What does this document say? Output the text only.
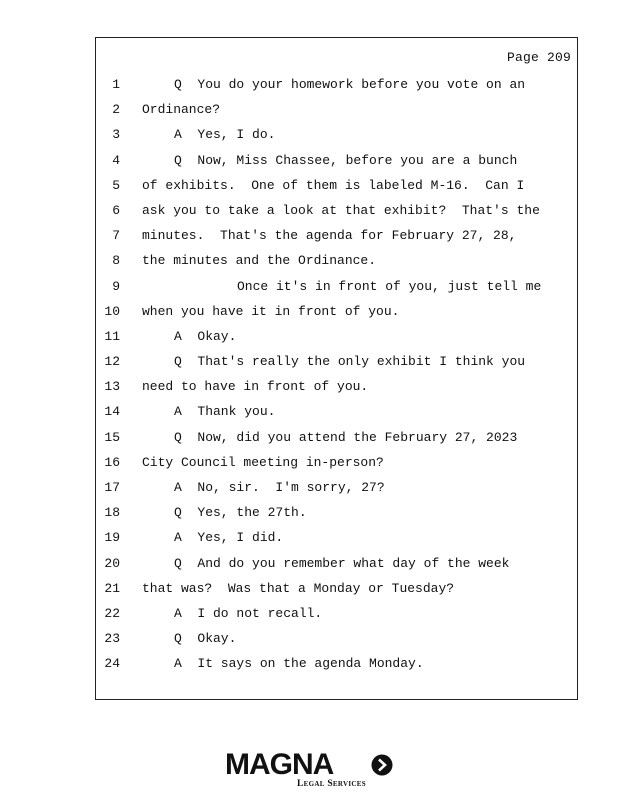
Page 209
1	Q  You do your homework before you vote on an
2 Ordinance?
3	A  Yes, I do.
4	Q  Now, Miss Chassee, before you are a bunch
5 of exhibits.  One of them is labeled M-16.  Can I
6 ask you to take a look at that exhibit?  That's the
7 minutes.  That's the agenda for February 27, 28,
8 the minutes and the Ordinance.
9	Once it's in front of you, just tell me
10 when you have it in front of you.
11	A  Okay.
12	Q  That's really the only exhibit I think you
13 need to have in front of you.
14	A  Thank you.
15	Q  Now, did you attend the February 27, 2023
16 City Council meeting in-person?
17	A  No, sir.  I'm sorry, 27?
18	Q  Yes, the 27th.
19	A  Yes, I did.
20	Q  And do you remember what day of the week
21 that was?  Was that a Monday or Tuesday?
22	A  I do not recall.
23	Q  Okay.
24	A  It says on the agenda Monday.
MAGNA
Legal Services
